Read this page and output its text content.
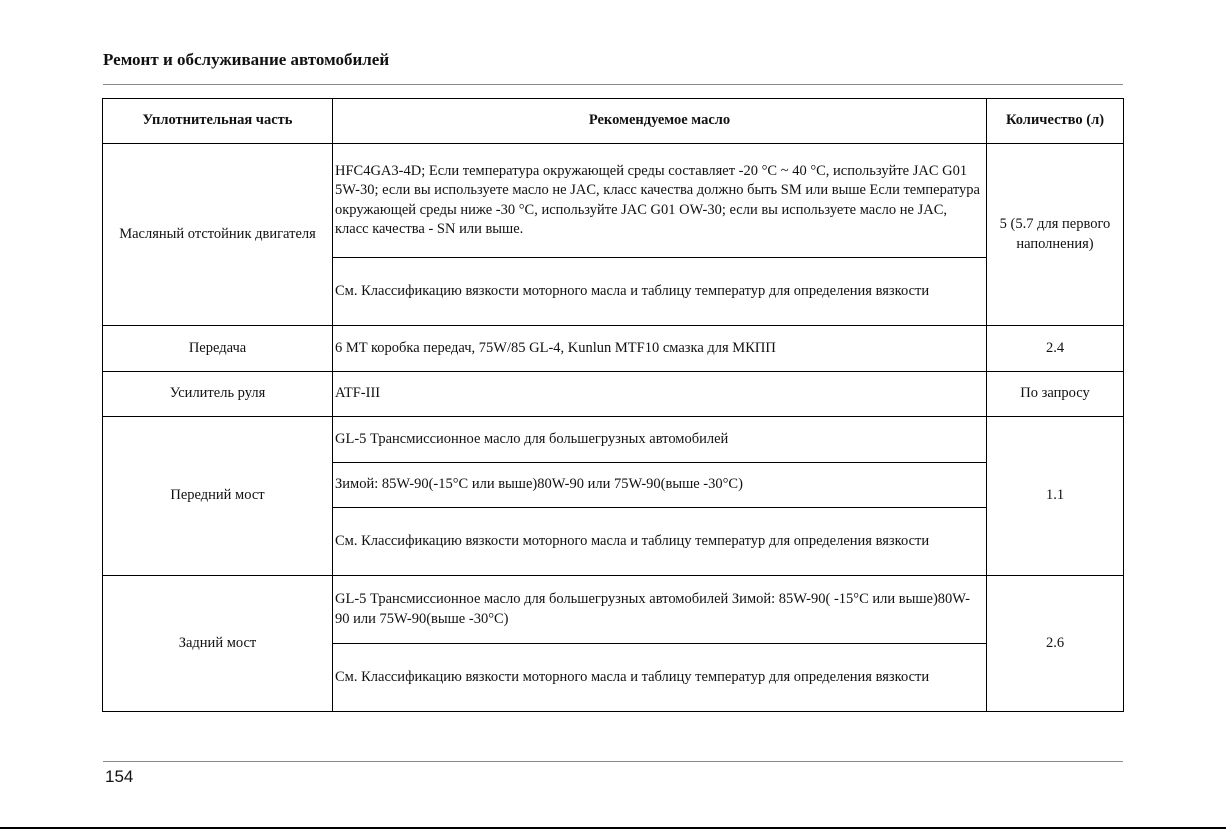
Ремонт и обслуживание автомобилей
Уплотнительная часть	Рекомендуемое масло	Количество (л)
Масляный отстойник двигателя	HFC4GA3-4D; Если температура окружающей среды составляет -20 °C ~ 40 °C, используйте JAC G01 5W-30; если вы используете масло не JAC, класс качества должно быть SM или выше Если температура окружающей среды ниже -30 °C, используйте JAC G01 OW-30; если вы используете масло не JAC, класс качества - SN или выше.	5 (5.7 для первого наполнения)
	См. Классификацию вязкости моторного масла и таблицу температур для определения вязкости	
Передача	6 MT коробка передач, 75W/85 GL-4, Kunlun MTF10 смазка для МКПП	2.4
Усилитель руля	ATF-III	По запросу
Передний мост	GL-5 Трансмиссионное масло для большегрузных автомобилей	1.1
	Зимой: 85W-90(-15°C или выше)80W-90 или 75W-90(выше -30°C)	
	См. Классификацию вязкости моторного масла и таблицу температур для определения вязкости	
Задний мост	GL-5 Трансмиссионное масло для большегрузных автомобилей Зимой: 85W-90( -15°C или выше)80W-90 или 75W-90(выше -30°C)	2.6
	См. Классификацию вязкости моторного масла и таблицу температур для определения вязкости	
154
